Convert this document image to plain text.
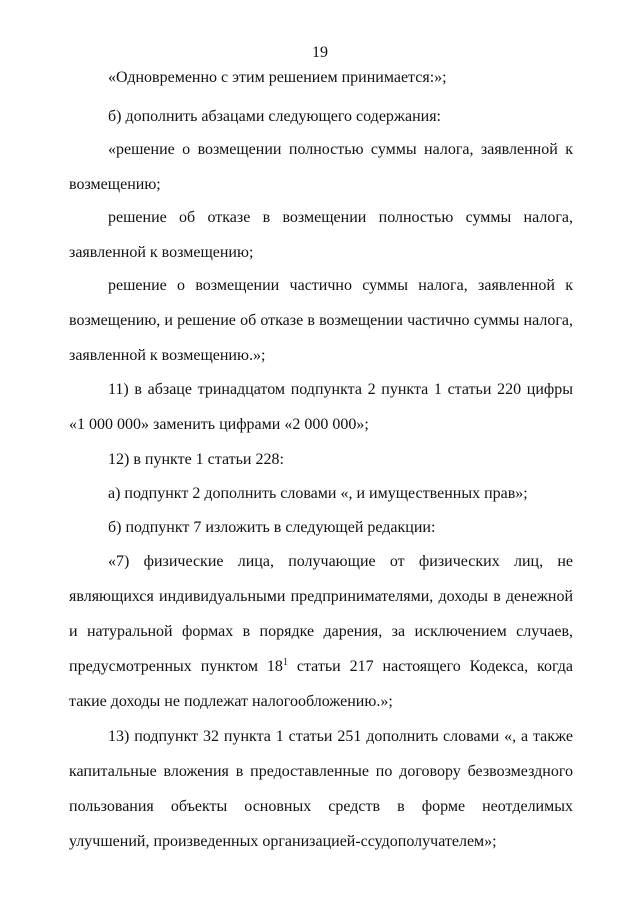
19

«Одновременно с этим решением принимается:»;

б) дополнить абзацами следующего содержания:

«решение о возмещении полностью суммы налога, заявленной к возмещению;

решение об отказе в возмещении полностью суммы налога, заявленной к возмещению;

решение о возмещении частично суммы налога, заявленной к возмещению, и решение об отказе в возмещении частично суммы налога, заявленной к возмещению.»;

11) в абзаце тринадцатом подпункта 2 пункта 1 статьи 220 цифры «1 000 000» заменить цифрами «2 000 000»;

12) в пункте 1 статьи 228:

а) подпункт 2 дополнить словами «, и имущественных прав»;

б) подпункт 7 изложить в следующей редакции:

«7) физические лица, получающие от физических лиц, не являющихся индивидуальными предпринимателями, доходы в денежной и натуральной формах в порядке дарения, за исключением случаев, предусмотренных пунктом $18^1$ статьи 217 настоящего Кодекса, когда такие доходы не подлежат налогообложению.»;

13) подпункт 32 пункта 1 статьи 251 дополнить словами «, а также капитальные вложения в предоставленные по договору безвозмездного пользования объекты основных средств в форме неотделимых улучшений, произведенных организацией-ссудополучателем»;
